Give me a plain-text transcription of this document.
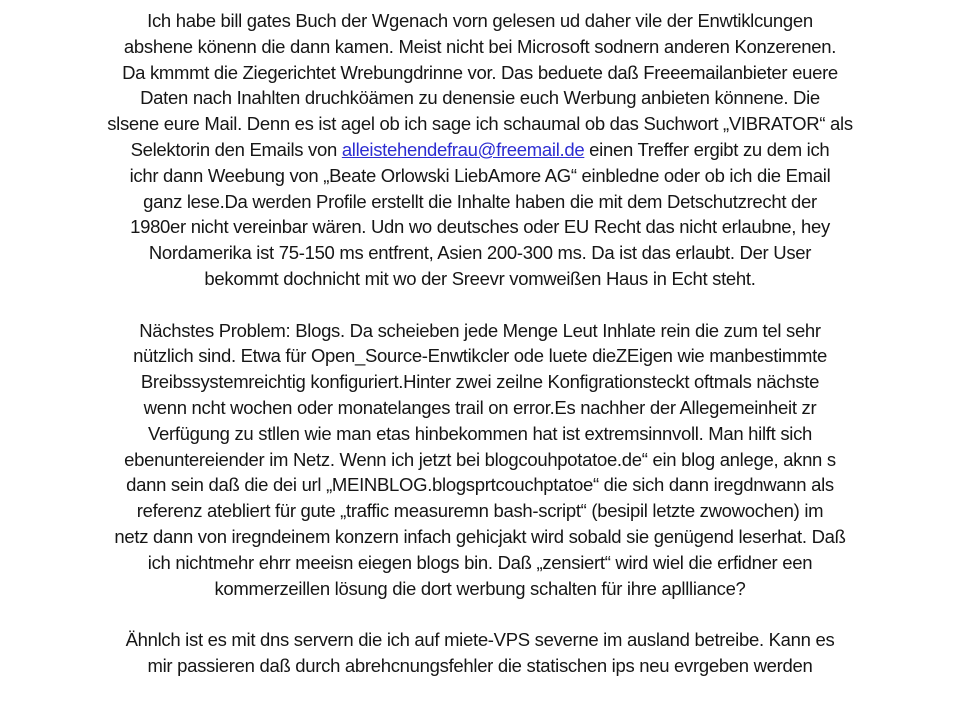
Ich habe bill gates Buch der Wgenach vorn gelesen ud daher vile der Enwtiklcungen
abshene könenn die dann kamen. Meist nicht bei Microsoft sodnern anderen Konzerenen.
Da kmmmt die Ziegerichtet Wrebungdrinne vor. Das beduete daß Freeemailanbieter euere
Daten nach Inahlten druchköämen zu denensie euch Werbung anbieten könnene. Die
slsene eure Mail. Denn es ist agel ob ich sage ich schaumal ob das Suchwort „VIBRATOR“ als
Selektorin den Emails von alleistehendefrau@freemail.de einen Treffer ergibt zu dem ich
ichr dann Weebung von „Beate Orlowski LiebAmore AG“ einbledne oder ob ich die Email
ganz lese.Da werden Profile erstellt die Inhalte haben die mit dem Detschutzrecht der
1980er nicht vereinbar wären. Udn wo deutsches oder EU Recht das nicht erlaubne, hey
Nordamerika ist 75-150 ms entfrent, Asien 200-300 ms. Da ist das erlaubt. Der User
bekommt dochnicht mit wo der Sreevr vomweißen Haus in Echt steht.
Nächstes Problem: Blogs. Da scheieben jede Menge Leut Inhlate rein die zum tel sehr
nützlich sind. Etwa für Open_Source-Enwtikcler ode luete dieZEigen wie manbestimmte
Breibssystemreichtig konfiguriert.Hinter zwei zeilne Konfigrationsteckt oftmals nächste
wenn ncht wochen oder monatelanges trail on error.Es nachher der Allegemeinheit zr
Verfügung zu stllen wie man etas hinbekommen hat ist extremsinnvoll. Man hilft sich
ebenuntereiender im Netz. Wenn ich jetzt bei blogcouhpotatoe.de“ ein blog anlege, aknn s
dann sein daß die dei url „MEINBLOG.blogsprtcouchptatoe“ die sich dann iregdnwann als
referenz atebliert für gute „traffic measuremn bash-script“ (besipil letzte zwowochen) im
netz dann von iregndeinem konzern infach gehicjakt wird sobald sie genügend leserhat. Daß
ich nichtmehr ehrr meeisn eiegen blogs bin. Daß „zensiert“ wird wiel die erfidner een
kommerzeillen lösung die dort werbung schalten für ihre apllliance?
Ähnlch ist es mit dns servern die ich auf miete-VPS severne im ausland betreibe. Kann es
mir passieren daß durch abrehcnungsfehler die statischen ips neu evrgeben werden
